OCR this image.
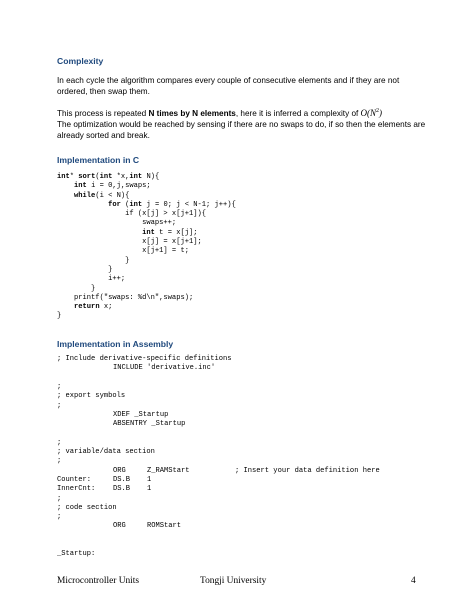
Complexity
In each cycle the algorithm compares every couple of consecutive elements and if they are not ordered, then swap them.
This process is repeated N times by N elements, here it is inferred a complexity of $O(N^2)$
The optimization would be reached by sensing if there are no swaps to do, if so then the elements are already sorted and break.
Implementation in C
int* sort(int *x,int N){
int i = 0,j,swaps;
while(i < N){
for (int j = 0; j < N-1; j++){
if (x[j] > x[j+1]){
swaps++;
int t = x[j];
x[j] = x[j+1];
x[j+1] = t;
}
}
i++;
}
printf("swaps: %d\n",swaps);
return x;
}
Implementation in Assembly
; Include derivative-specific definitions
INCLUDE 'derivative.inc'
;
; export symbols
;
XDEF _Startup
ABSENTRY _Startup
;
; variable/data section
;
ORG	Z_RAMStart	; Insert your data definition here
Counter:	DS.B 1
InnerCnt: DS.B 1
;
; code section
;
ORG	ROMStart
_Startup:
Microcontroller Units	Tongji University	4
